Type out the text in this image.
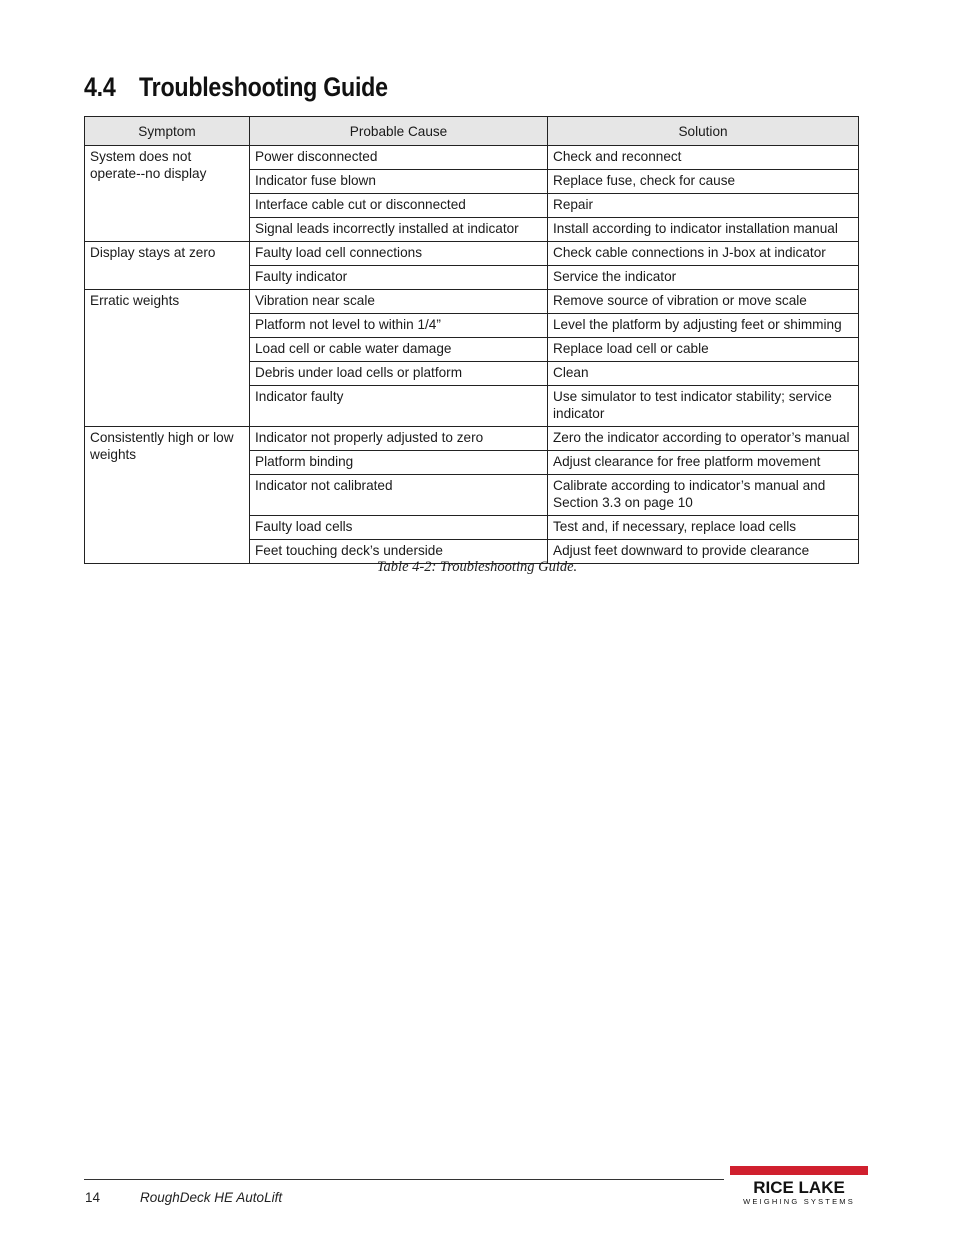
4.4 Troubleshooting Guide
Symptom	Probable Cause	Solution
System does not operate--no display	Power disconnected	Check and reconnect
	Indicator fuse blown	Replace fuse, check for cause
	Interface cable cut or disconnected	Repair
	Signal leads incorrectly installed at indicator	Install according to indicator installation manual
Display stays at zero	Faulty load cell connections	Check cable connections in J-box at indicator
	Faulty indicator	Service the indicator
Erratic weights	Vibration near scale	Remove source of vibration or move scale
	Platform not level to within 1/4”	Level the platform by adjusting feet or shimming
	Load cell or cable water damage	Replace load cell or cable
	Debris under load cells or platform	Clean
	Indicator faulty	Use simulator to test indicator stability; service indicator
Consistently high or low weights	Indicator not properly adjusted to zero	Zero the indicator according to operator’s manual
	Platform binding	Adjust clearance for free platform movement
	Indicator not calibrated	Calibrate according to indicator’s manual and Section 3.3 on page 10
	Faulty load cells	Test and, if necessary, replace load cells
	Feet touching deck’s underside	Adjust feet downward to provide clearance
Table 4-2: Troubleshooting Guide.
14	RoughDeck HE AutoLift
RICE LAKE
WEIGHING SYSTEMS
